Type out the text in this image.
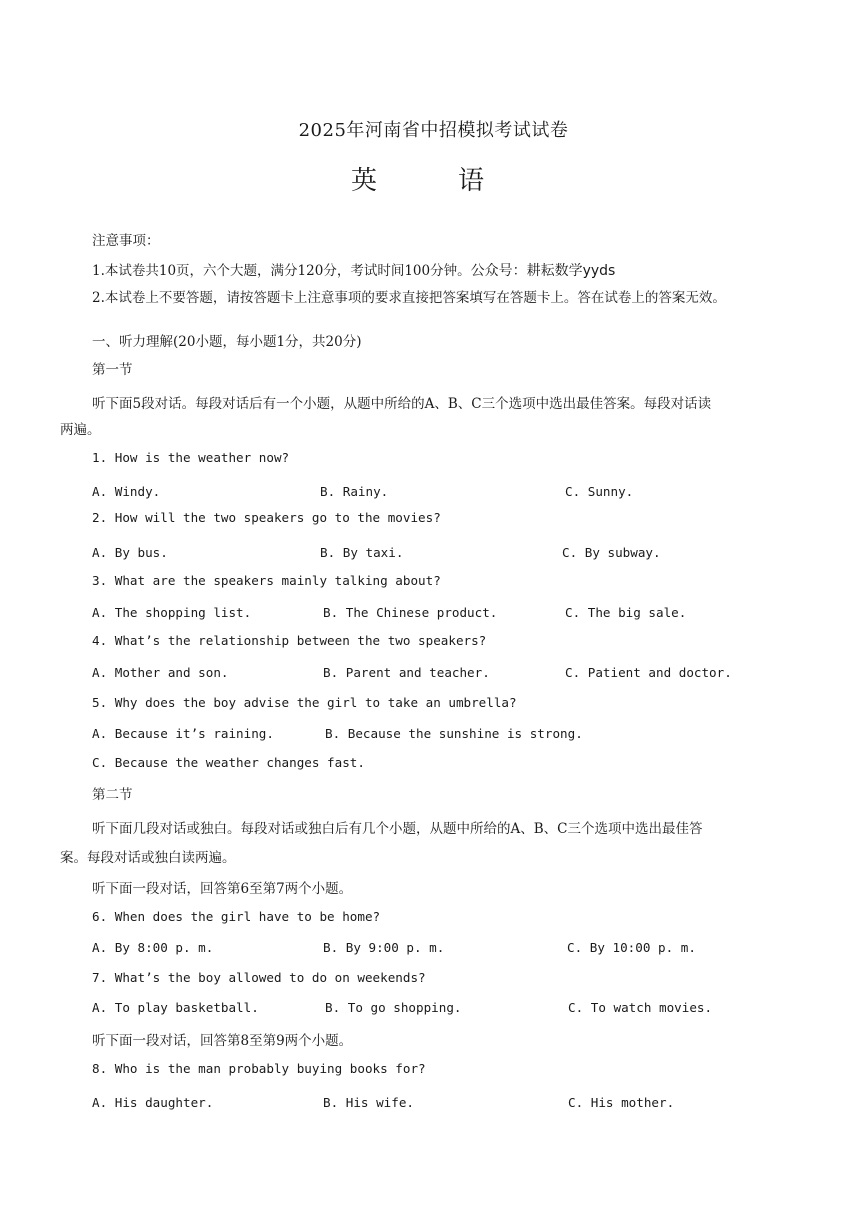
2025年河南省中招模拟考试试卷
英	语
注意事项：
1.本试卷共10页，六个大题，满分120分，考试时间100分钟。公众号：耕耘数学yyds
2.本试卷上不要答题，请按答题卡上注意事项的要求直接把答案填写在答题卡上。答在试卷上的答案无效。
一、听力理解(20小题，每小题1分，共20分)
第一节
听下面5段对话。每段对话后有一个小题，从题中所给的A、B、C三个选项中选出最佳答案。每段对话读
两遍。
1. How is the weather now?
A. Windy.	B. Rainy.	C. Sunny.
2. How will the two speakers go to the movies?
A. By bus.	B. By taxi.	C. By subway.
3. What are the speakers mainly talking about?
A. The shopping list.	B. The Chinese product.	C. The big sale.
4. What’s the relationship between the two speakers?
A. Mother and son.	B. Parent and teacher.	C. Patient and doctor.
5. Why does the boy advise the girl to take an umbrella?
A. Because it’s raining.	B. Because the sunshine is strong.
C. Because the weather changes fast.
第二节
听下面几段对话或独白。每段对话或独白后有几个小题，从题中所给的A、B、C三个选项中选出最佳答
案。每段对话或独白读两遍。
听下面一段对话，回答第6至第7两个小题。
6. When does the girl have to be home?
A. By 8:00 p. m.	B. By 9:00 p. m.	C. By 10:00 p. m.
7. What’s the boy allowed to do on weekends?
A. To play basketball.	B. To go shopping.	C. To watch movies.
听下面一段对话，回答第8至第9两个小题。
8. Who is the man probably buying books for?
A. His daughter.	B. His wife.	C. His mother.
